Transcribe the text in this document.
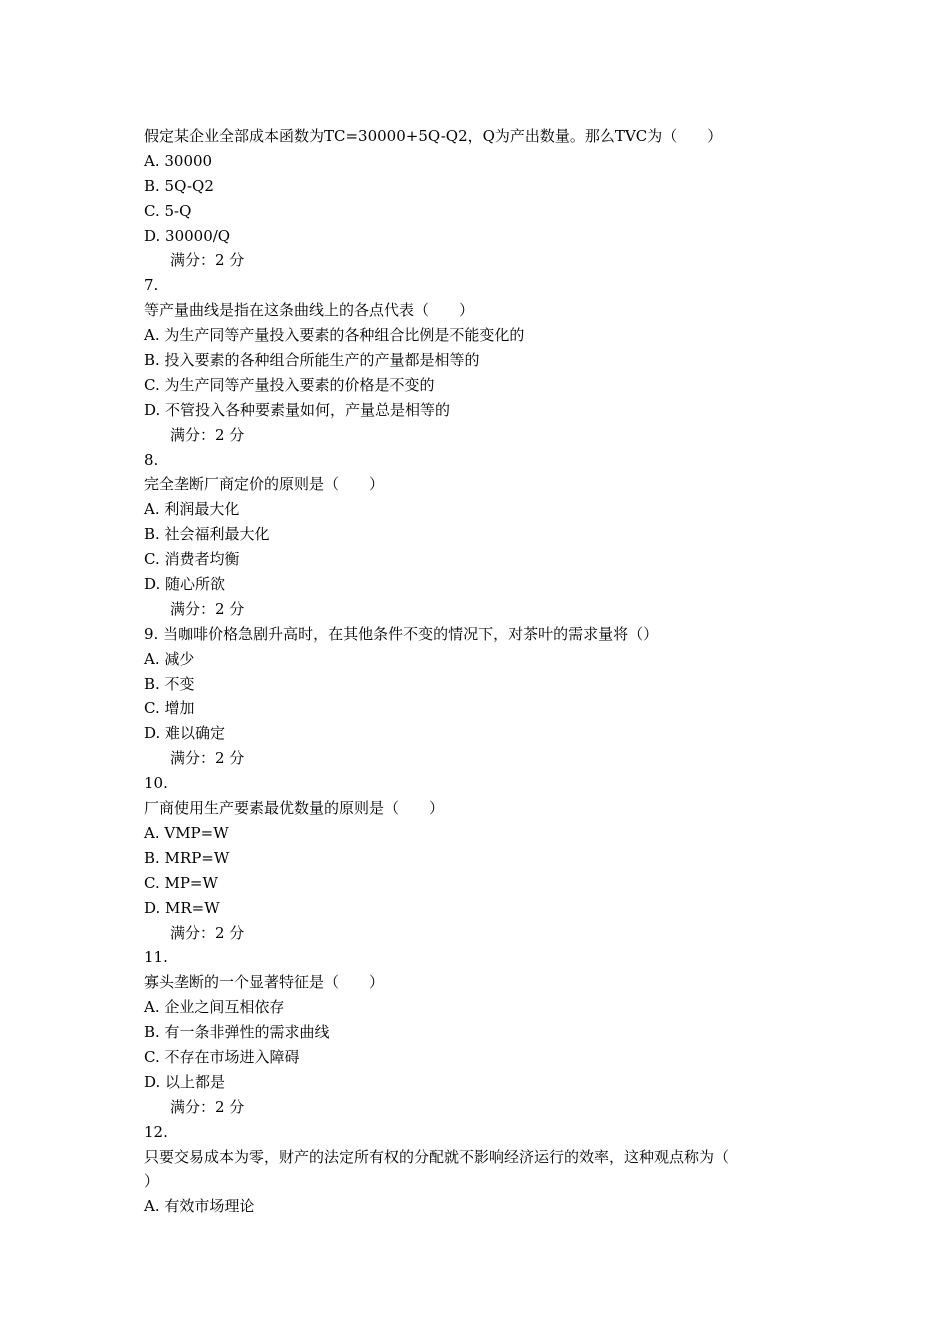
假定某企业全部成本函数为TC=30000+5Q-Q2，Q为产出数量。那么TVC为（　　）
A. 30000
B. 5Q-Q2
C. 5-Q
D. 30000/Q
满分：2 分
7.
等产量曲线是指在这条曲线上的各点代表（　　）
A. 为生产同等产量投入要素的各种组合比例是不能变化的
B. 投入要素的各种组合所能生产的产量都是相等的
C. 为生产同等产量投入要素的价格是不变的
D. 不管投入各种要素量如何，产量总是相等的
满分：2 分
8.
完全垄断厂商定价的原则是（　　）
A. 利润最大化
B. 社会福利最大化
C. 消费者均衡
D. 随心所欲
满分：2 分
9. 当咖啡价格急剧升高时，在其他条件不变的情况下，对茶叶的需求量将（）
A. 减少
B. 不变
C. 增加
D. 难以确定
满分：2 分
10.
厂商使用生产要素最优数量的原则是（　　）
A. VMP=W
B. MRP=W
C. MP=W
D. MR=W
满分：2 分
11.
寡头垄断的一个显著特征是（　　）
A. 企业之间互相依存
B. 有一条非弹性的需求曲线
C. 不存在市场进入障碍
D. 以上都是
满分：2 分
12.
只要交易成本为零，财产的法定所有权的分配就不影响经济运行的效率，这种观点称为（
）
A. 有效市场理论
